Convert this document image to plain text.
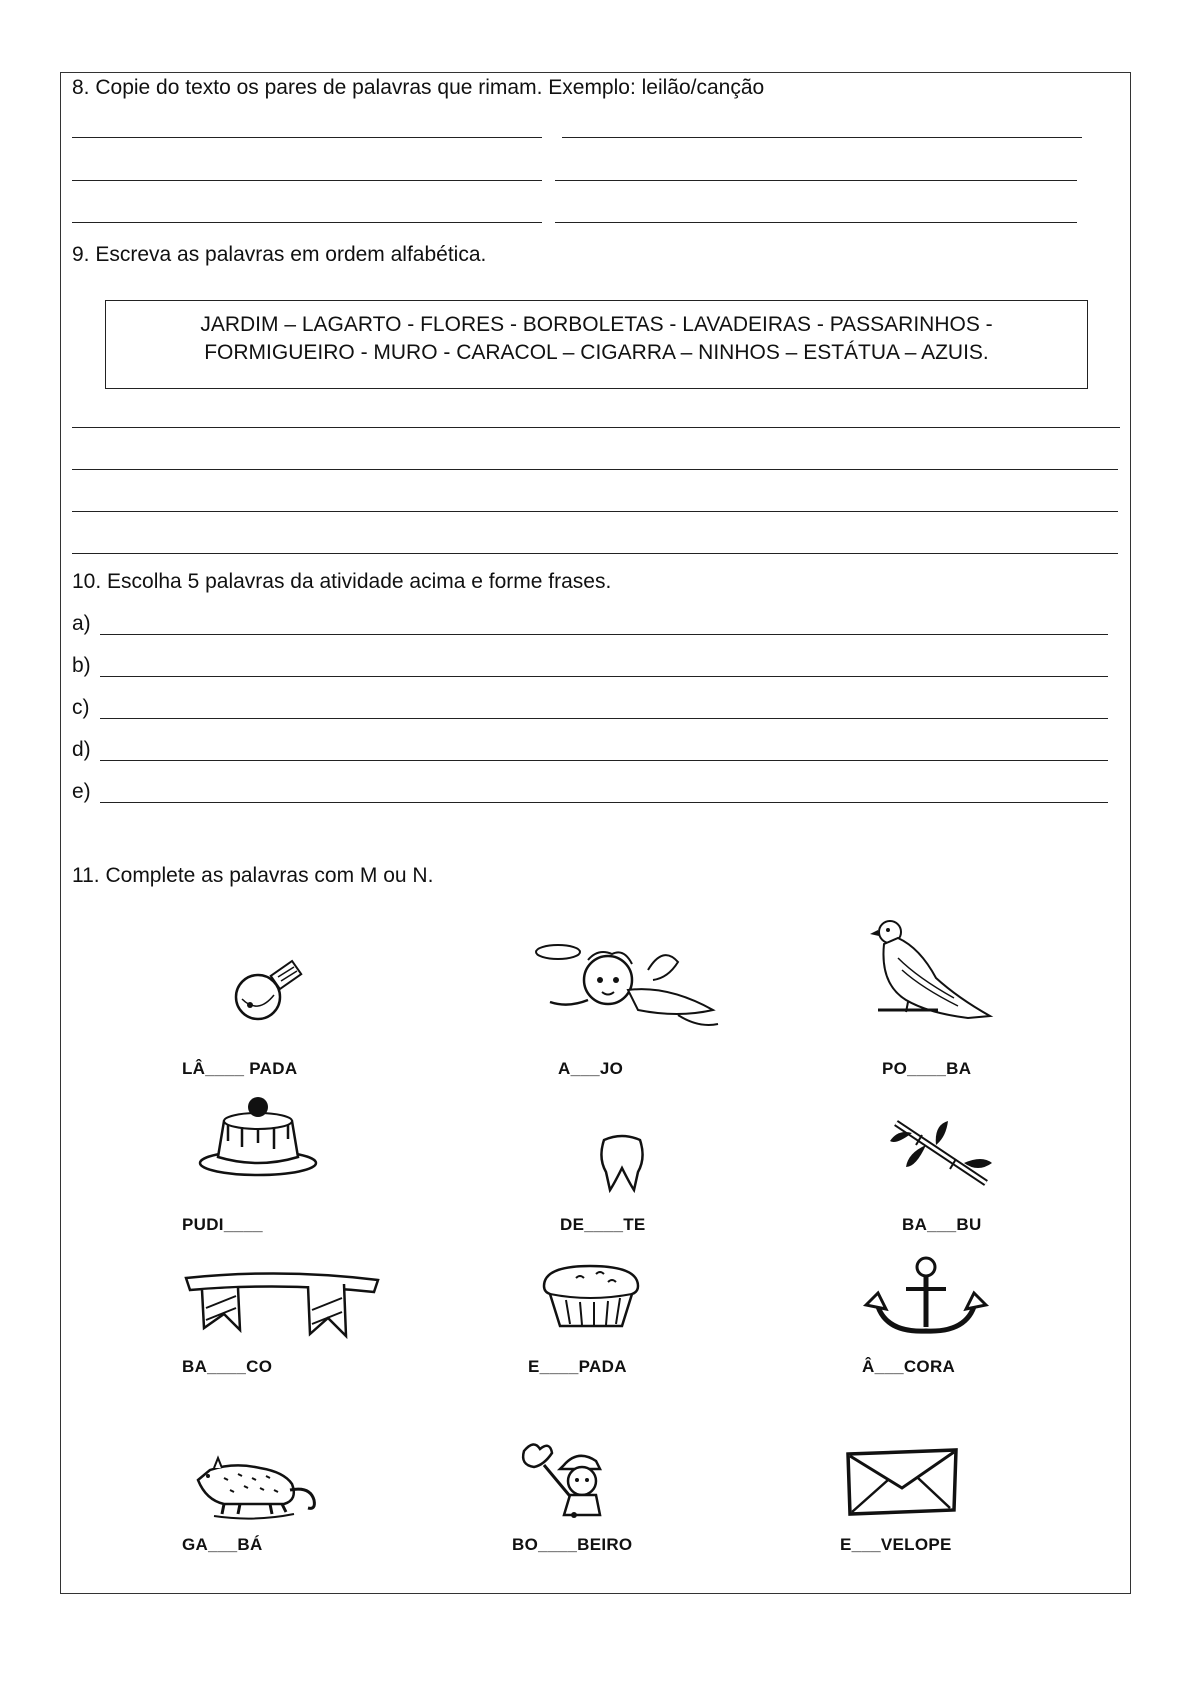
8. Copie do texto os pares de palavras que rimam. Exemplo: leilão/canção
9. Escreva as palavras em ordem alfabética.
JARDIM – LAGARTO - FLORES - BORBOLETAS - LAVADEIRAS - PASSARINHOS -
FORMIGUEIRO - MURO - CARACOL – CIGARRA – NINHOS – ESTÁTUA – AZUIS.
10. Escolha 5 palavras da atividade acima e forme frases.
a)
b)
c)
d)
e)
11. Complete as palavras com M ou N.
LÂ____ PADA	A___JO	PO____BA
PUDI____	DE____TE	BA___BU
BA____CO	E____PADA	Â___CORA
GA___BÁ	BO____BEIRO	E___VELOPE
